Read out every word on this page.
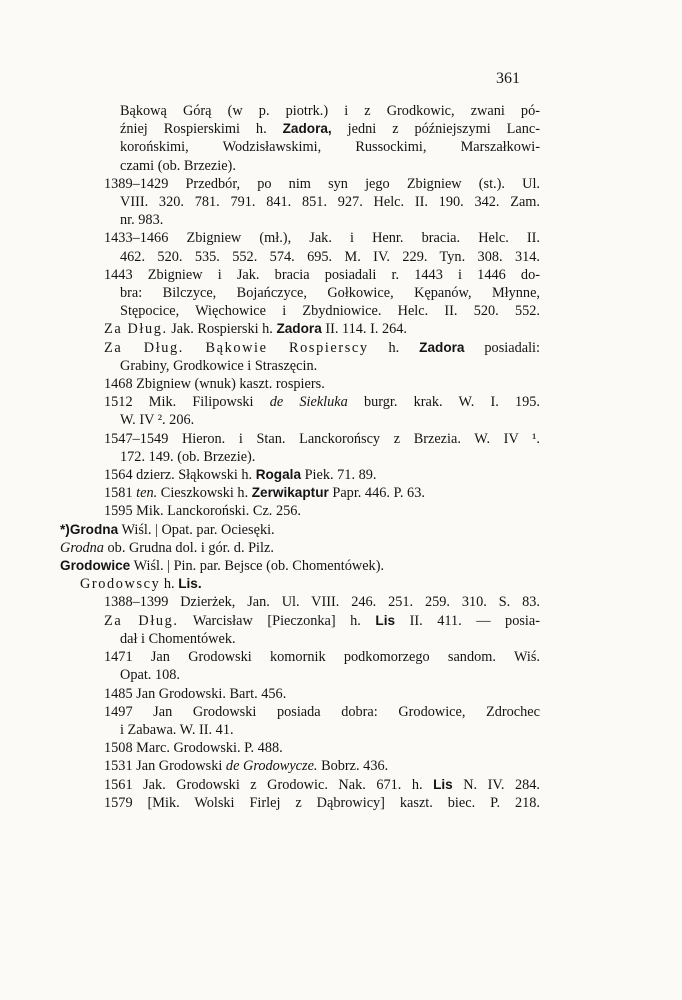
361
Bąkową Górą (w p. piotrk.) i z Grodkowic, zwani pó-
źniej Rospierskimi h. Zadora, jedni z późniejszymi Lanc-
korońskimi, Wodzisławskimi, Russockimi, Marszałkowi-
czami (ob. Brzezie).
1389–1429 Przedbór, po nim syn jego Zbigniew (st.). Ul.
VIII. 320. 781. 791. 841. 851. 927. Helc. II. 190. 342. Zam.
nr. 983.
1433–1466 Zbigniew (mł.), Jak. i Henr. bracia. Helc. II.
462. 520. 535. 552. 574. 695. M. IV. 229. Tyn. 308. 314.
1443 Zbigniew i Jak. bracia posiadali r. 1443 i 1446 do-
bra: Bilczyce, Bojańczyce, Gołkowice, Kępanów, Młynne,
Stępocice, Więchowice i Zbydniowice. Helc. II. 520. 552.
Za Dług. Jak. Rospierski h. Zadora II. 114. I. 264.
Za Dług. Bąkowie Rospierscy h. Zadora posiadali:
Grabiny, Grodkowice i Straszęcin.
1468 Zbigniew (wnuk) kaszt. rospiers.
1512 Mik. Filipowski de Siekluka burgr. krak. W. I. 195.
W. IV ². 206.
1547–1549 Hieron. i Stan. Lanckorońscy z Brzezia. W. IV ¹.
172. 149. (ob. Brzezie).
1564 dzierz. Słąkowski h. Rogala Piek. 71. 89.
1581 ten. Cieszkowski h. Zerwikaptur Papr. 446. P. 63.
1595 Mik. Lanckoroński. Cz. 256.
*)Grodna Wiśl. | Opat. par. Ociesęki.
Grodna ob. Grudna dol. i gór. d. Pilz.
Grodowice Wiśl. | Pin. par. Bejsce (ob. Chomentówek).
Grodowscy h. Lis.
1388–1399 Dzierżek, Jan. Ul. VIII. 246. 251. 259. 310. S. 83.
Za Dług. Warcisław [Pieczonka] h. Lis II. 411. — posia-
dał i Chomentówek.
1471 Jan Grodowski komornik podkomorzego sandom. Wiś.
Opat. 108.
1485 Jan Grodowski. Bart. 456.
1497 Jan Grodowski posiada dobra: Grodowice, Zdrochec
i Zabawa. W. II. 41.
1508 Marc. Grodowski. P. 488.
1531 Jan Grodowski de Grodowycze. Bobrz. 436.
1561 Jak. Grodowski z Grodowic. Nak. 671. h. Lis N. IV. 284.
1579 [Mik. Wolski Firlej z Dąbrowicy] kaszt. biec. P. 218.
